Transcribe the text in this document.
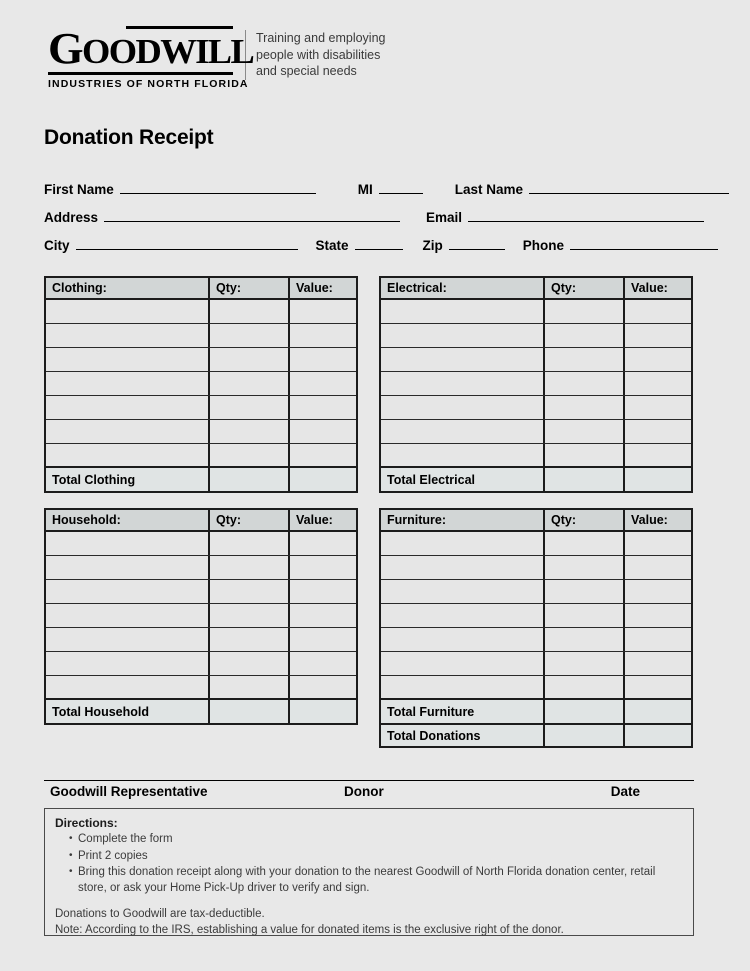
GOODWILL
INDUSTRIES OF NORTH FLORIDA
Training and employing
people with disabilities
and special needs
Donation Receipt
First Name	MI	Last Name
Address	Email
City	State	Zip	Phone
Clothing:	Qty:	Value:
Total Clothing
Electrical:	Qty:	Value:
Total Electrical
Household:	Qty:	Value:
Total Household
Furniture:	Qty:	Value:
Total Furniture
Total Donations
Goodwill Representative	Donor	Date
Directions:
• Complete the form
• Print 2 copies
• Bring this donation receipt along with your donation to the nearest Goodwill of North Florida donation center, retail store, or ask your Home Pick-Up driver to verify and sign.
Donations to Goodwill are tax-deductible.
Note: According to the IRS, establishing a value for donated items is the exclusive right of the donor.
